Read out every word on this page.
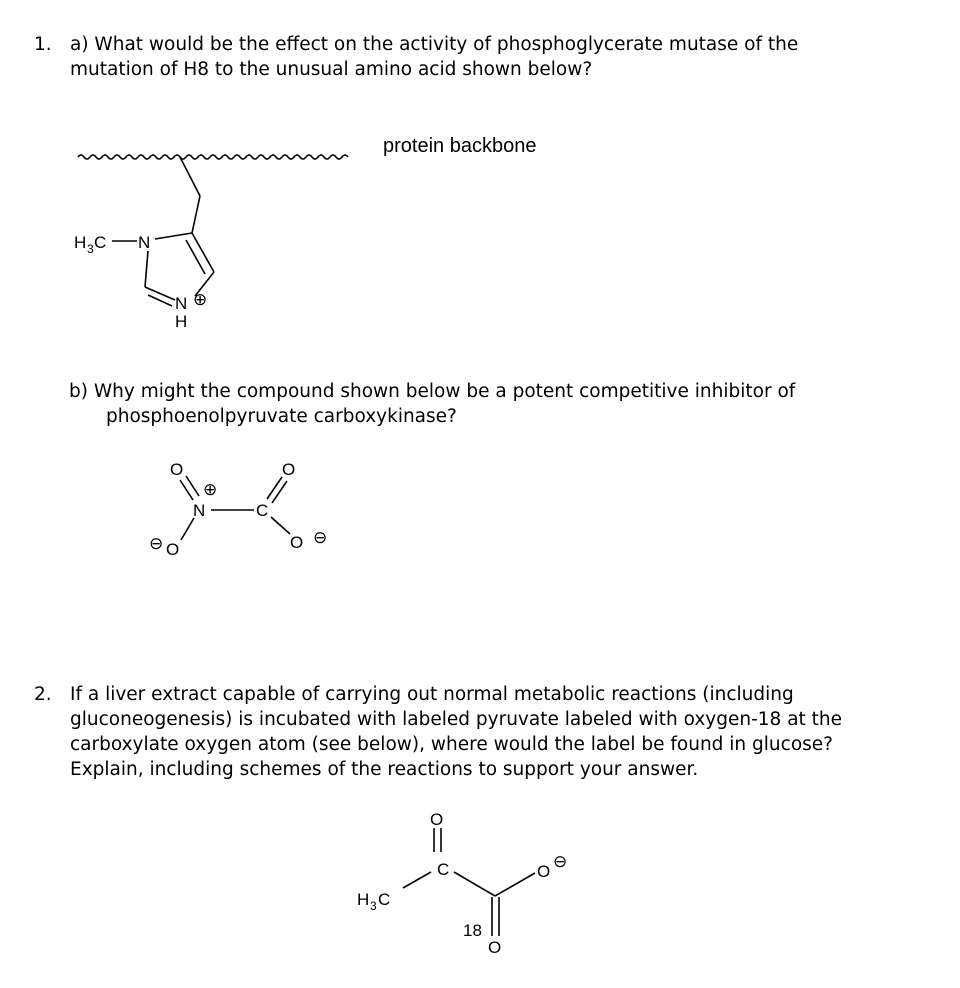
1. a) What would be the effect on the activity of phosphoglycerate mutase of the
mutation of H8 to the unusual amino acid shown below?
b) Why might the compound shown below be a potent competitive inhibitor of
phosphoenolpyruvate carboxykinase?
2. If a liver extract capable of carrying out normal metabolic reactions (including
gluconeogenesis) is incubated with labeled pyruvate labeled with oxygen-18 at the
carboxylate oxygen atom (see below), where would the label be found in glucose?
Explain, including schemes of the reactions to support your answer.
protein backbone
H 3 C N
N
H
⊕
O	O
⊕
N	C
⊖ O	O ⊖
O
C	O
⊖
H 3 C
18
O
